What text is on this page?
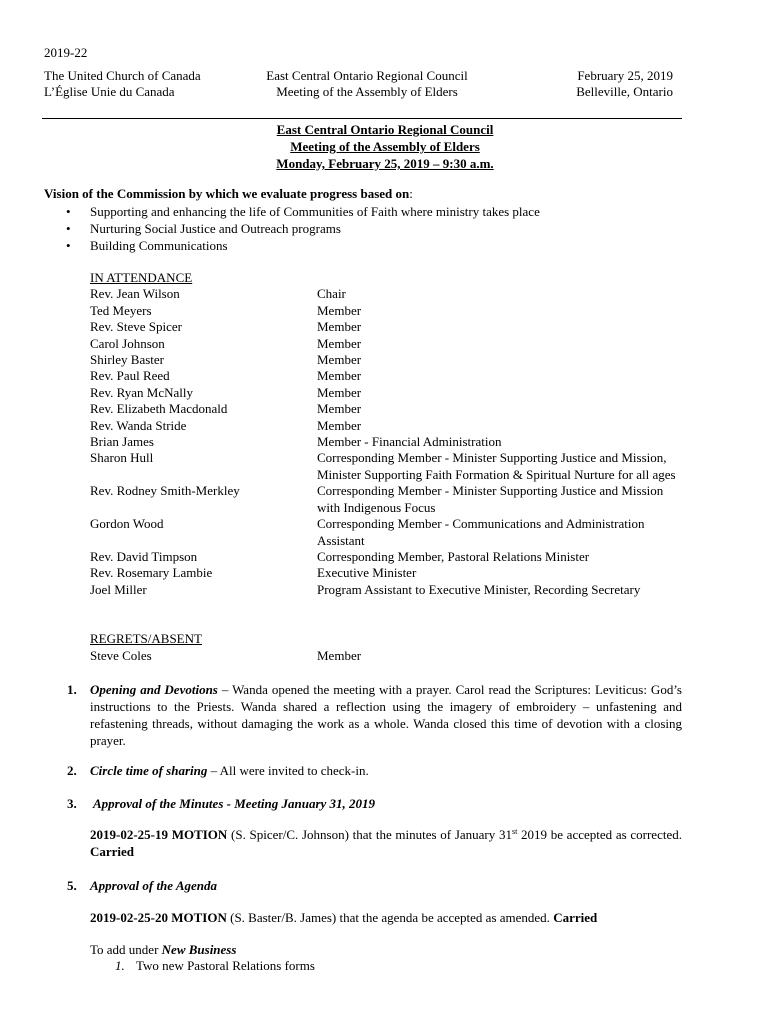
2019-22
The United Church of Canada
L’Église Unie du Canada
East Central Ontario Regional Council
Meeting of the Assembly of Elders
February 25, 2019
Belleville, Ontario
East Central Ontario Regional Council
Meeting of the Assembly of Elders
Monday, February 25, 2019 – 9:30 a.m.
Vision of the Commission by which we evaluate progress based on:
• Supporting and enhancing the life of Communities of Faith where ministry takes place
• Nurturing Social Justice and Outreach programs
• Building Communications
IN ATTENDANCE
Rev. Jean Wilson	Chair
Ted Meyers	Member
Rev. Steve Spicer	Member
Carol Johnson	Member
Shirley Baster	Member
Rev. Paul Reed	Member
Rev. Ryan McNally	Member
Rev. Elizabeth Macdonald	Member
Rev. Wanda Stride	Member
Brian James	Member - Financial Administration
Sharon Hull	Corresponding Member - Minister Supporting Justice and Mission, Minister Supporting Faith Formation & Spiritual Nurture for all ages
Rev. Rodney Smith-Merkley	Corresponding Member - Minister Supporting Justice and Mission with Indigenous Focus
Gordon Wood	Corresponding Member - Communications and Administration Assistant
Rev. David Timpson	Corresponding Member, Pastoral Relations Minister
Rev. Rosemary Lambie	Executive Minister
Joel Miller	Program Assistant to Executive Minister, Recording Secretary
REGRETS/ABSENT
Steve Coles	Member
1. Opening and Devotions – Wanda opened the meeting with a prayer. Carol read the Scriptures: Leviticus: God’s instructions to the Priests. Wanda shared a reflection using the imagery of embroidery – unfastening and refastening threads, without damaging the work as a whole. Wanda closed this time of devotion with a closing prayer.
2. Circle time of sharing – All were invited to check-in.
3. Approval of the Minutes - Meeting January 31, 2019
2019-02-25-19 MOTION (S. Spicer/C. Johnson) that the minutes of January 31st 2019 be accepted as corrected. Carried
5. Approval of the Agenda
2019-02-25-20 MOTION (S. Baster/B. James) that the agenda be accepted as amended. Carried
To add under New Business
1. Two new Pastoral Relations forms
